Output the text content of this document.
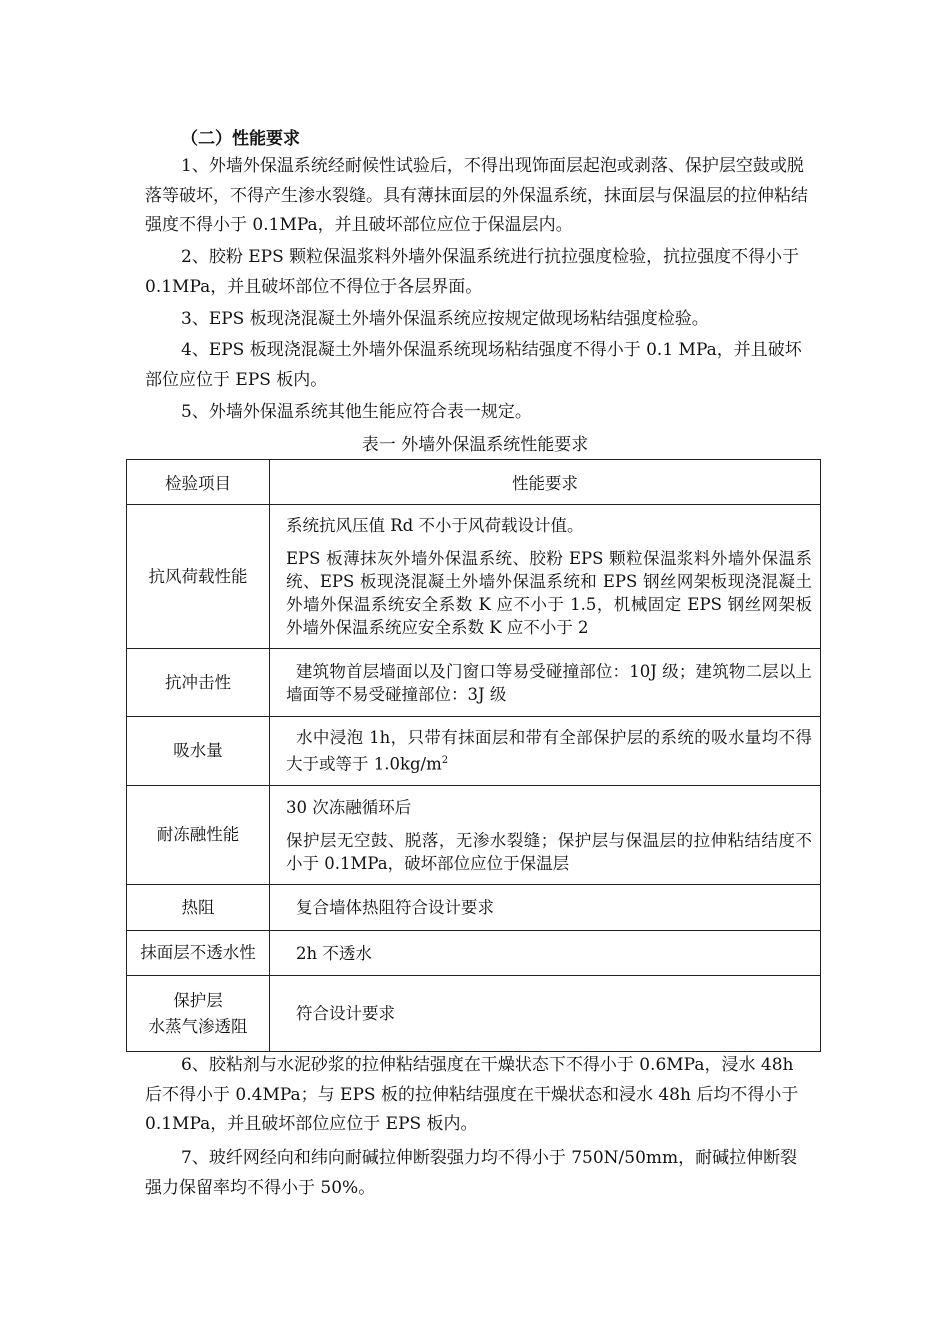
（二）性能要求

1、外墙外保温系统经耐候性试验后，不得出现饰面层起泡或剥落、保护层空鼓或脱落等破坏，不得产生渗水裂缝。具有薄抹面层的外保温系统，抹面层与保温层的拉伸粘结强度不得小于 0.1MPa，并且破坏部位应位于保温层内。

2、胶粉 EPS 颗粒保温浆料外墙外保温系统进行抗拉强度检验，抗拉强度不得小于 0.1MPa，并且破坏部位不得位于各层界面。

3、EPS 板现浇混凝土外墙外保温系统应按规定做现场粘结强度检验。

4、EPS 板现浇混凝土外墙外保温系统现场粘结强度不得小于 0.1 MPa，并且破坏部位应位于 EPS 板内。

5、外墙外保温系统其他生能应符合表一规定。

表一 外墙外保温系统性能要求
检验项目	性能要求
抗风荷载性能	系统抗风压值 Rd 不小于风荷载设计值。

EPS 板薄抹灰外墙外保温系统、胶粉 EPS 颗粒保温浆料外墙外保温系统、EPS 板现浇混凝土外墙外保温系统和 EPS 钢丝网架板现浇混凝土外墙外保温系统安全系数 K 应不小于 1.5，机械固定 EPS 钢丝网架板外墙外保温系统应安全系数 K 应不小于 2

抗冲击性	建筑物首层墙面以及门窗口等易受碰撞部位：10J 级；建筑物二层以上墙面等不易受碰撞部位：3J 级

吸水量	水中浸泡 1h，只带有抹面层和带有全部保护层的系统的吸水量均不得大于或等于 $1.0kg/m^2$

耐冻融性能	30 次冻融循环后

保护层无空鼓、脱落，无渗水裂缝；保护层与保温层的拉伸粘结结度不小于 0.1MPa，破坏部位应位于保温层

热阻	复合墙体热阻符合设计要求

抹面层不透水性	2h 不透水

保护层
水蒸气渗透阻	符合设计要求

6、胶粘剂与水泥砂浆的拉伸粘结强度在干燥状态下不得小于 0.6MPa，浸水 48h 后不得小于 0.4MPa；与 EPS 板的拉伸粘结强度在干燥状态和浸水 48h 后均不得小于 0.1MPa，并且破坏部位应位于 EPS 板内。

7、玻纤网经向和纬向耐碱拉伸断裂强力均不得小于 750N/50mm，耐碱拉伸断裂强力保留率均不得小于 50%。
